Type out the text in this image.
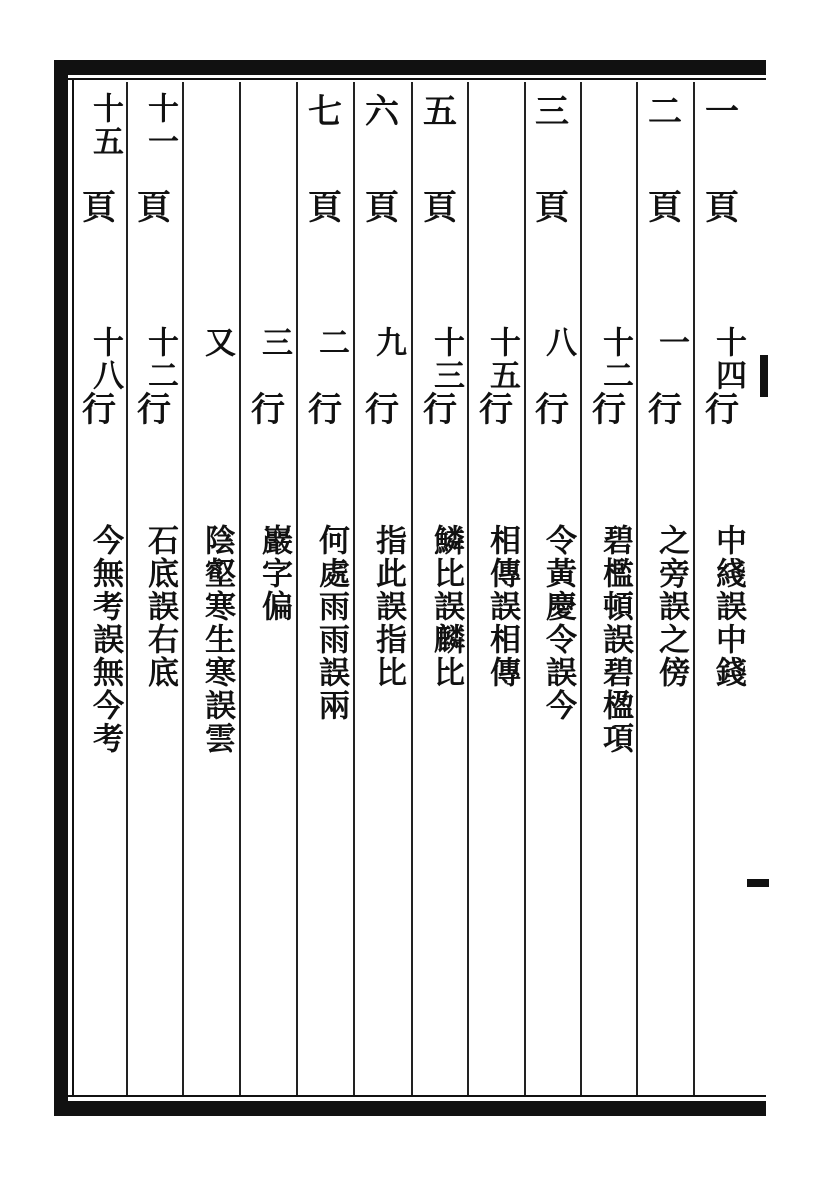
一
頁
十四
行
中綫誤中錢
二
頁
一
行
之旁誤之傍
十二
行
碧檻頓誤碧楹項
三
頁
八
行
令黃慶令誤今
十五
行
相傳誤相傳
五
頁
十三
行
鱗比誤麟比
六
頁
九
行
指此誤指比
七
頁
二
行
何處雨雨誤兩
三
行
巖字偏
又
陰壑寒生寒誤雲
十一
頁
十二
行
石底誤右底
十五
頁
十八
行
今無考誤無今考
